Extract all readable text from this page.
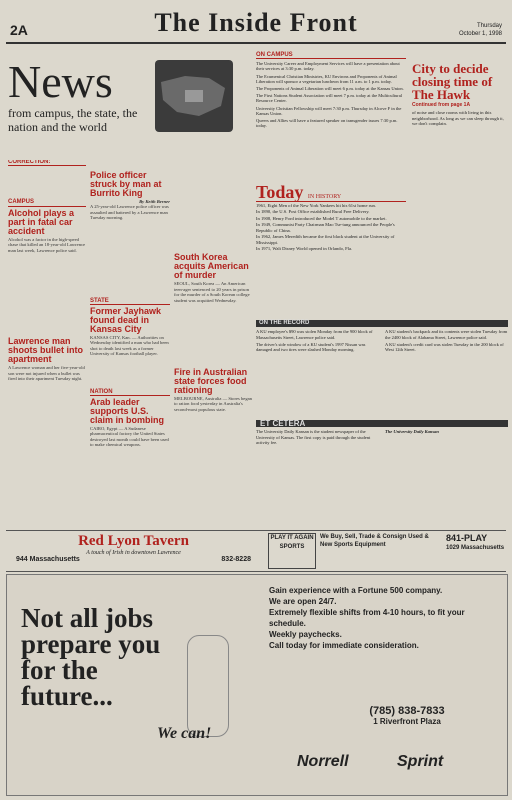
2A	The Inside Front	Thursday
October 1, 1998
News
from campus, the state, the nation and the world
CORRECTION:

CAMPUS
Alcohol plays a part in fatal car accident

Alcohol was a factor in the high-speed chase that killed an 18-year-old Lawrence man last week, Lawrence police said.

Lawrence man shoots bullet into apartment

A Lawrence woman and her five-year-old son were not injured when a bullet was fired into their apartment Tuesday night.

Police officer struck by man at Burrito King
By Keith Berner

A 25-year-old Lawrence police officer was assaulted and battered by a Lawrence man Tuesday morning.

STATE
Former Jayhawk found dead in Kansas City

KANSAS CITY, Kan. — Authorities on Wednesday identified a man who had been shot to death last week as a former University of Kansas football player.

NATION
Arab leader supports U.S. claim in bombing

CAIRO, Egypt — A Sudanese pharmaceutical factory the United States destroyed last month could have been used to make chemical weapons.

South Korea acquits American of murder

SEOUL, South Korea — An American teen-ager sentenced to 20 years in prison for the murder of a South Korean college student was acquitted Wednesday.

Fire in Australian state forces food rationing

MELBOURNE, Australia — Stores began to ration food yesterday in Australia's second-most populous state.

ON CAMPUS

The University Career and Employment Services will have a presentation about their services at 3:30 p.m. today.

The Ecumenical Christian Ministries, KU Environs and Proponents of Animal Liberation will sponsor a vegetarian luncheon from 11 a.m. to 1 p.m. today.

The Proponents of Animal Liberation will meet 6 p.m. today at the Kansas Union.

The First Nations Student Association will meet 7 p.m. today at the Multicultural Resource Center.

University Christian Fellowship will meet 7:30 p.m. Thursday in Alcove F in the Kansas Union.

Queers and Allies will have a featured speaker on transgender issues 7:30 p.m. today.

City to decide closing time of The Hawk
Continued from page 1A

of noise and close rooms with living in this neighborhood. As long as we can sleep through it, we don't complain.

Today IN HISTORY

1961, Eight Men of the New York Yankees hit his 61st home run.

In 1890, the U.S. Post Office established Rural Free Delivery.

In 1908, Henry Ford introduced the Model T automobile to the market.

In 1949, Communist Party Chairman Mao Tse-tung announced the People's Republic of China.

In 1962, James Meredith became the first black student at the University of Mississippi.

In 1971, Walt Disney World opened in Orlando, Fla.

ON THE RECORD

A KU employee's $90 wax stolen Monday from the 900 block of Massachusetts Street, Lawrence police said.

The driver's side window of a KU student's 1997 Nissan was damaged and two tires were slashed Monday morning.

A KU student's backpack and its contents were stolen Tuesday from the 2400 block of Alabama Street, Lawrence police said.

A KU student's credit card was stolen Tuesday in the 200 block of West 12th Street.

ET CETERA

The University Daily Kansan is the student newspaper of the University of Kansas. The first copy is paid through the student activity fee.

The University Daily Kansan

Red Lyon Tavern
A touch of Irish in downtown Lawrence
944 Massachusetts	832-8228
PLAY IT AGAIN SPORTS
We Buy, Sell, Trade & Consign Used & New Sports Equipment
841-PLAY
1029 Massachusetts
Not all jobs prepare you for the future...
We can!
Gain experience with a Fortune 500 company.
We are open 24/7.
Extremely flexible shifts from 4-10 hours, to fit your schedule.
Weekly paychecks.
Call today for immediate consideration.
(785) 838-7833
1 Riverfront Plaza
Norrell	Sprint
